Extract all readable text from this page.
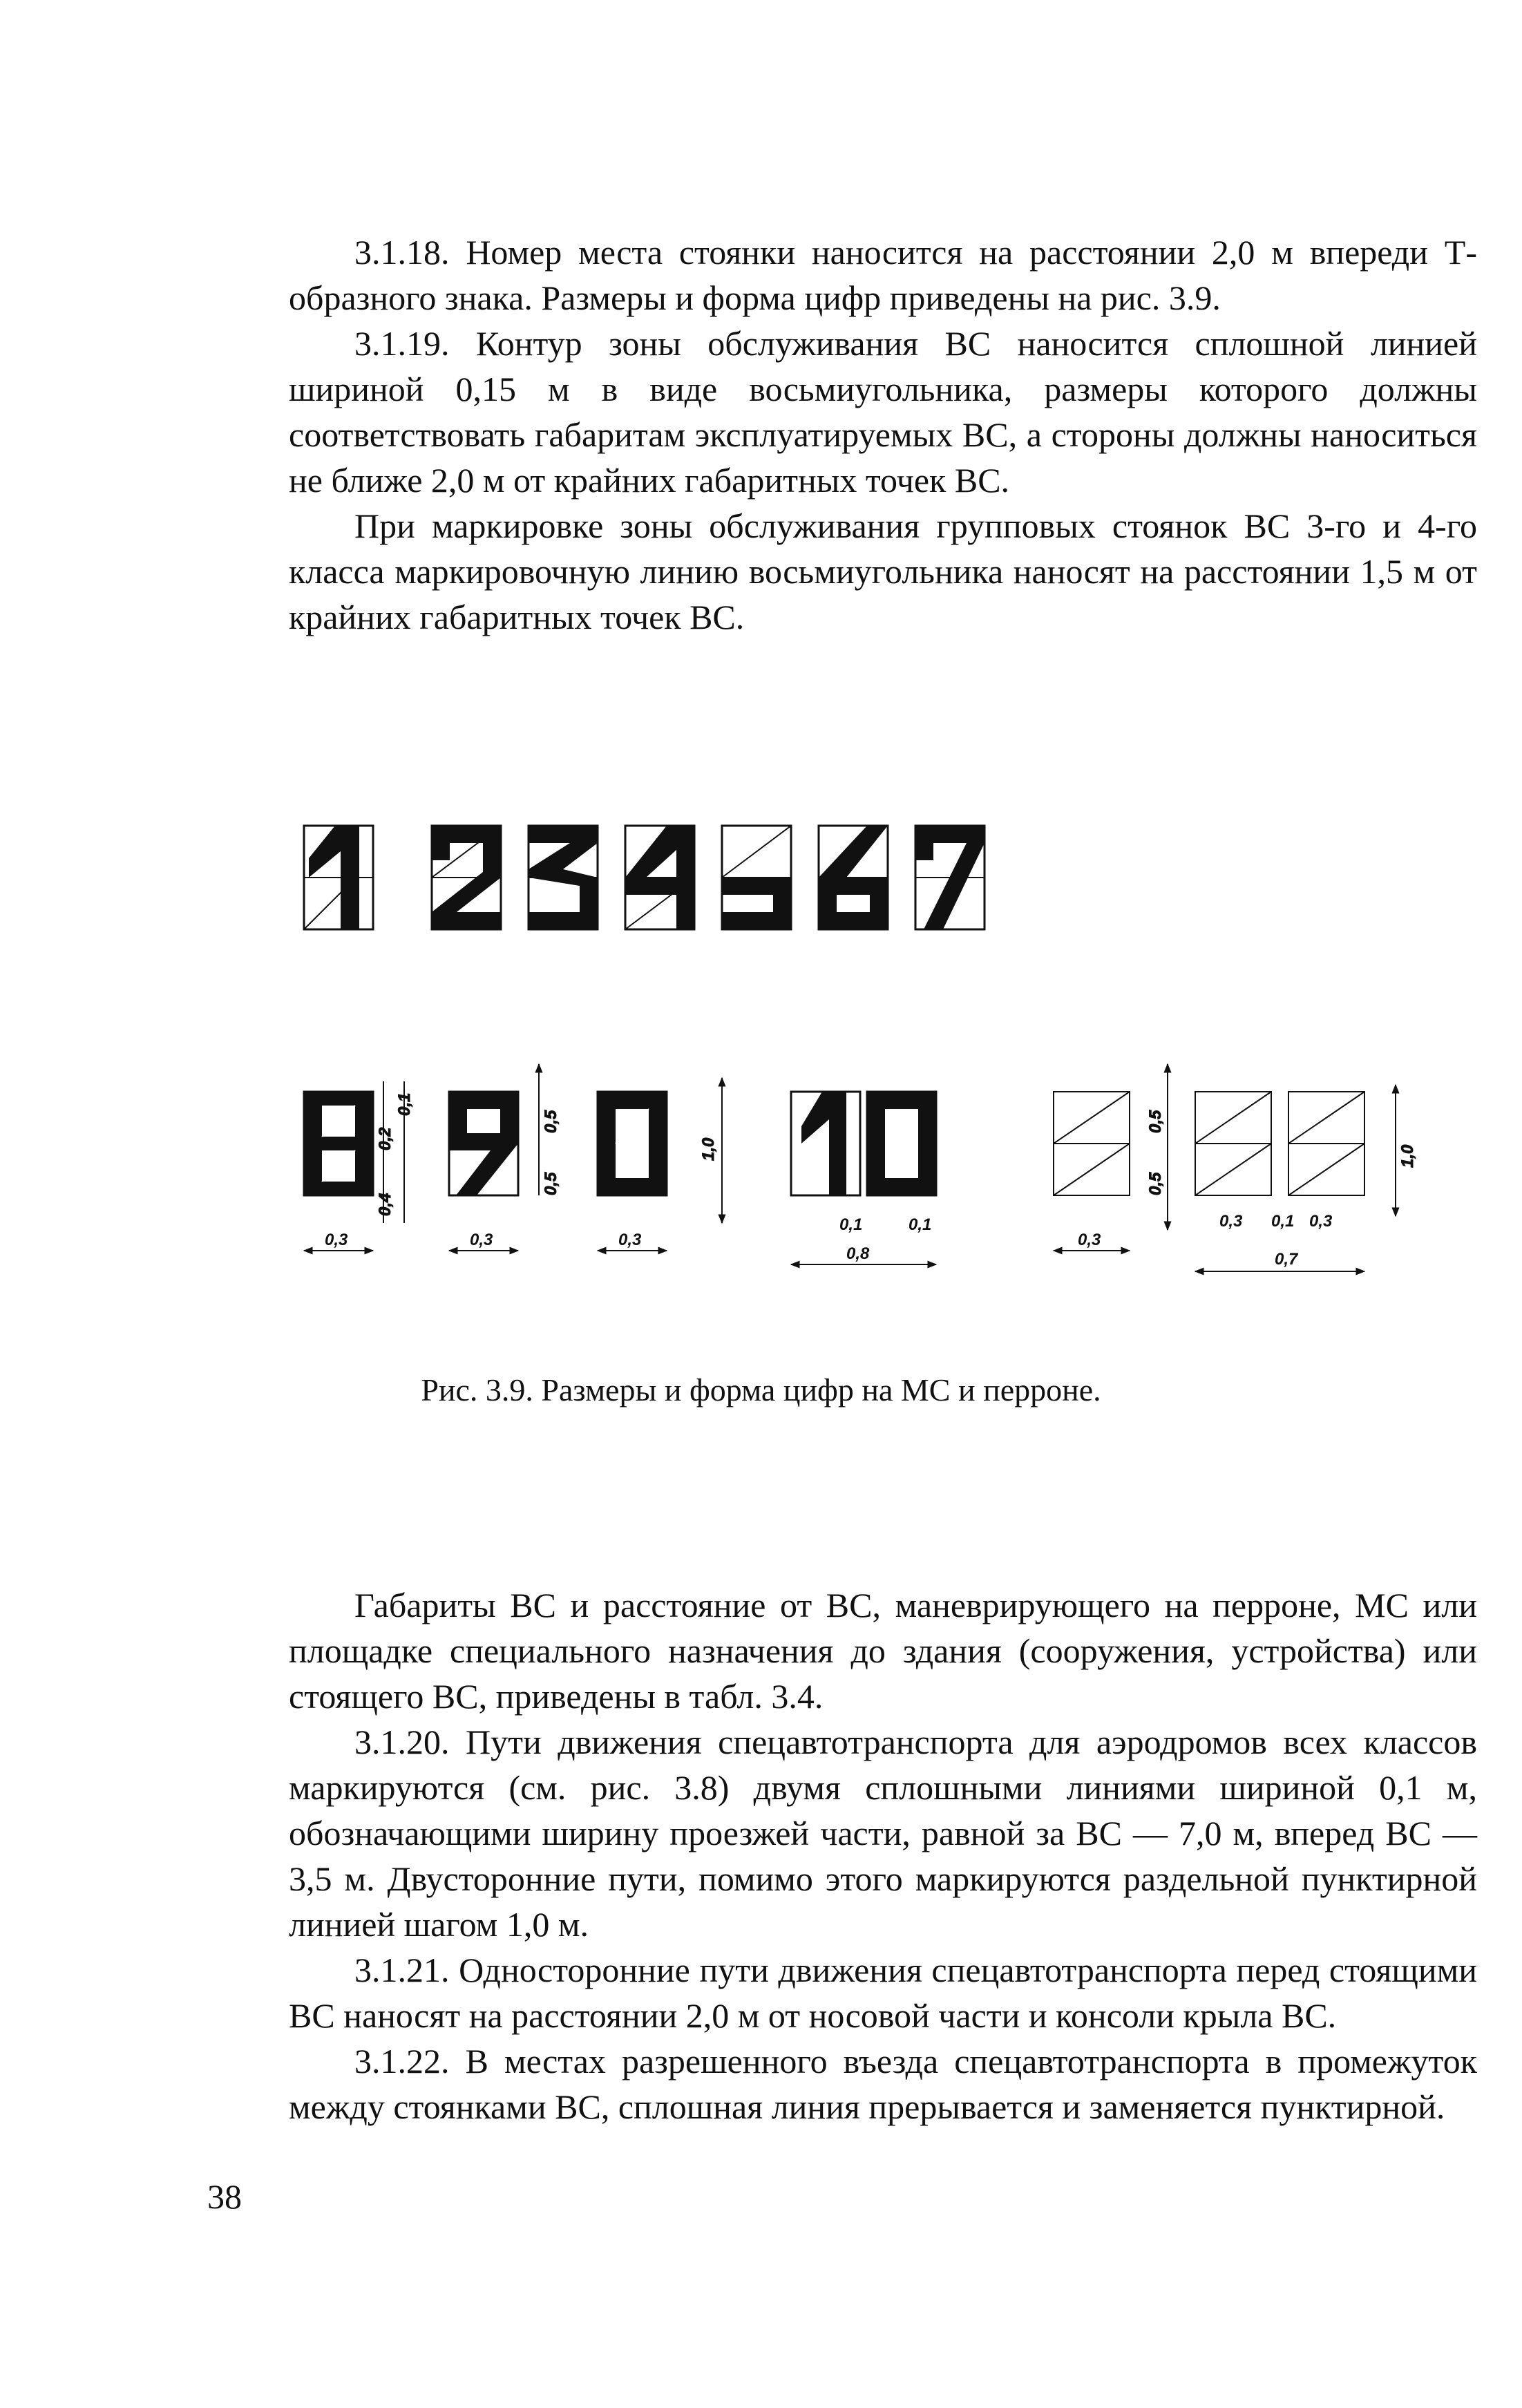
3.1.18. Номер места стоянки наносится на расстоянии 2,0 м впереди Т-образного знака. Размеры и форма цифр приведены на рис. 3.9.

3.1.19. Контур зоны обслуживания ВС наносится сплошной линией шириной 0,15 м в виде восьмиугольника, размеры которого должны соответствовать габаритам эксплуатируемых ВС, а стороны должны наноситься не ближе 2,0 м от крайних габаритных точек ВС.

При маркировке зоны обслуживания групповых стоянок ВС 3-го и 4-го класса маркировочную линию восьмиугольника наносят на расстоянии 1,5 м от крайних габаритных точек ВС.

0,4
0,2
0,1
0,5
0,5
1,0
0,5
0,5
1,0
0,3	0,3	0,3
0,1	0,1
0,8
0,3
0,3 0,1 0,3
0,7
Рис. 3.9. Размеры и форма цифр на МС и перроне.

Габариты ВС и расстояние от ВС, маневрирующего на перроне, МС или площадке специального назначения до здания (сооружения, устройства) или стоящего ВС, приведены в табл. 3.4.

3.1.20. Пути движения спецавтотранспорта для аэродромов всех классов маркируются (см. рис. 3.8) двумя сплошными линиями шириной 0,1 м, обозначающими ширину проезжей части, равной за ВС — 7,0 м, вперед ВС — 3,5 м. Двусторонние пути, помимо этого маркируются раздельной пунктирной линией шагом 1,0 м.

3.1.21. Односторонние пути движения спецавтотранспорта перед стоящими ВС наносят на расстоянии 2,0 м от носовой части и консоли крыла ВС.

3.1.22. В местах разрешенного въезда спецавтотранспорта в промежуток между стоянками ВС, сплошная линия прерывается и заменяется пунктирной.

38
